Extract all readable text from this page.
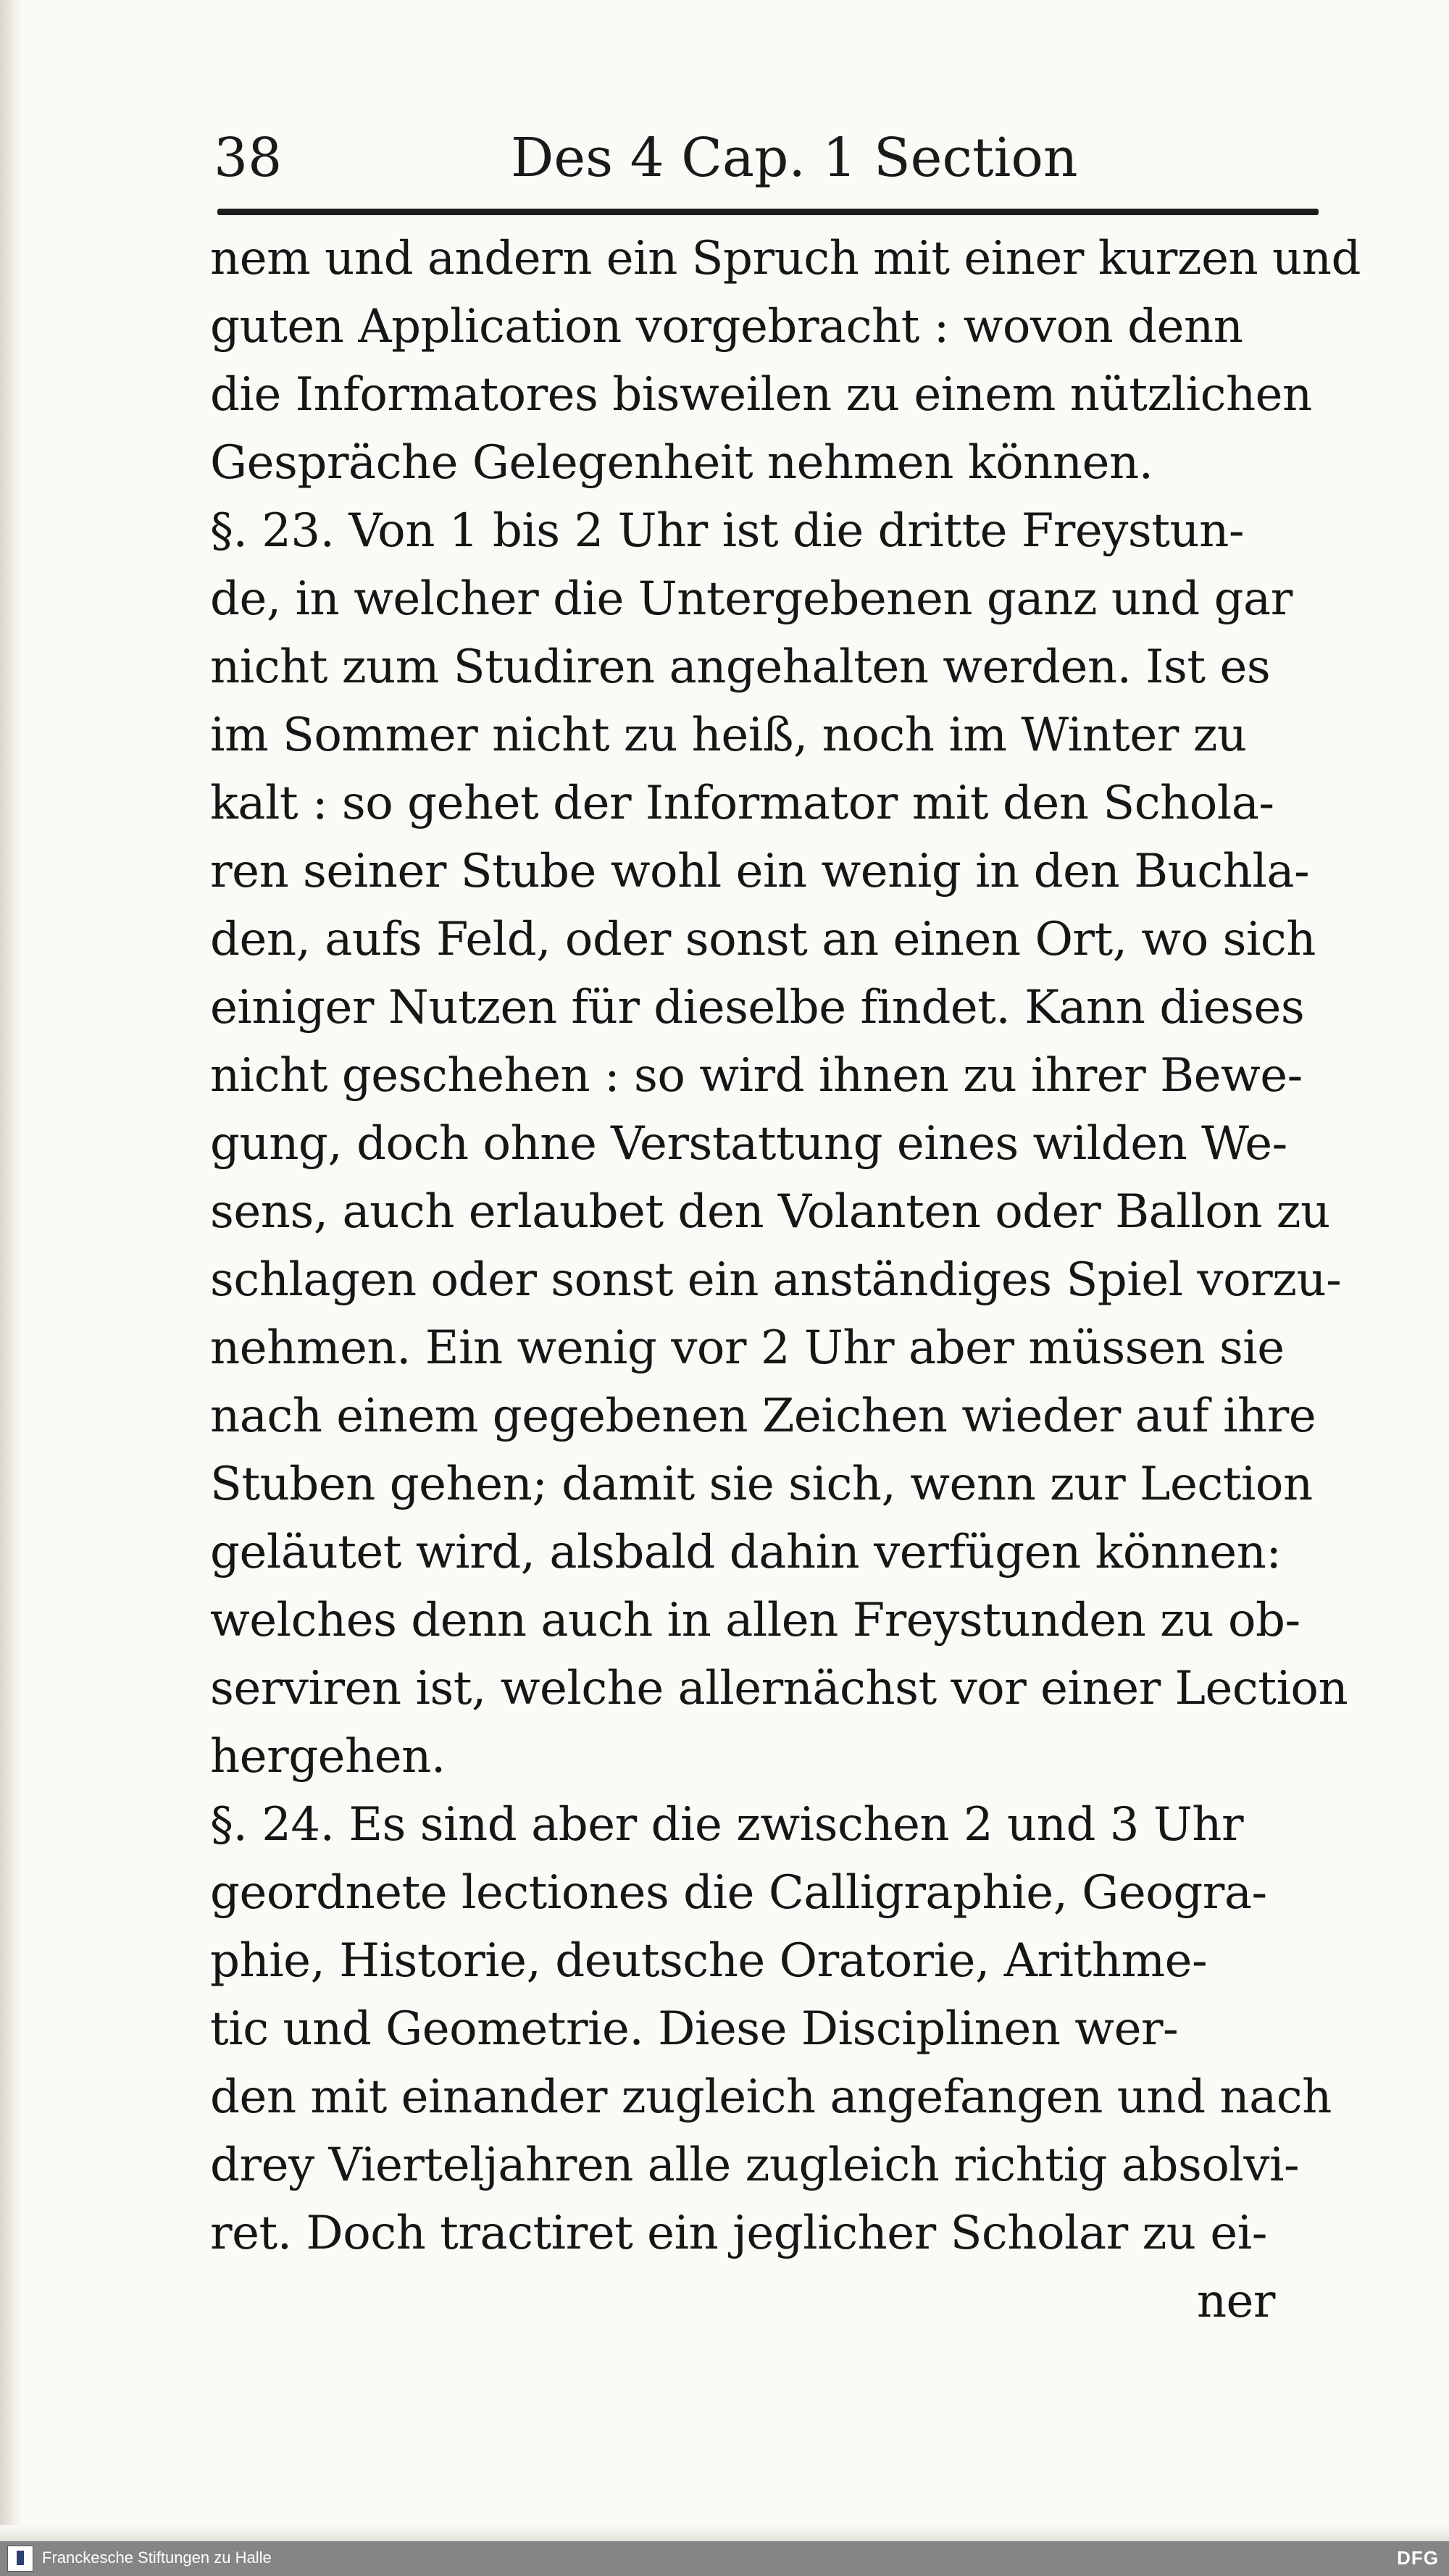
38	Des 4 Cap. 1 Section
nem und andern ein Spruch mit einer kurzen und
guten Application vorgebracht : wovon denn
die Informatores bisweilen zu einem nützlichen
Gespräche Gelegenheit nehmen können.
§. 23. Von 1 bis 2 Uhr ist die dritte Freystun-
de, in welcher die Untergebenen ganz und gar
nicht zum Studiren angehalten werden. Ist es
im Sommer nicht zu heiß, noch im Winter zu
kalt : so gehet der Informator mit den Schola-
ren seiner Stube wohl ein wenig in den Buchla-
den, aufs Feld, oder sonst an einen Ort, wo sich
einiger Nutzen für dieselbe findet. Kann dieses
nicht geschehen : so wird ihnen zu ihrer Bewe-
gung, doch ohne Verstattung eines wilden We-
sens, auch erlaubet den Volanten oder Ballon zu
schlagen oder sonst ein anständiges Spiel vorzu-
nehmen. Ein wenig vor 2 Uhr aber müssen sie
nach einem gegebenen Zeichen wieder auf ihre
Stuben gehen; damit sie sich, wenn zur Lection
geläutet wird, alsbald dahin verfügen können:
welches denn auch in allen Freystunden zu ob-
serviren ist, welche allernächst vor einer Lection
hergehen.
§. 24. Es sind aber die zwischen 2 und 3 Uhr
geordnete lectiones die Calligraphie, Geogra-
phie, Historie, deutsche Oratorie, Arithme-
tic und Geometrie. Diese Disciplinen wer-
den mit einander zugleich angefangen und nach
drey Vierteljahren alle zugleich richtig absolvi-
ret. Doch tractiret ein jeglicher Scholar zu ei-
ner
Franckesche Stiftungen zu Halle	DFG
